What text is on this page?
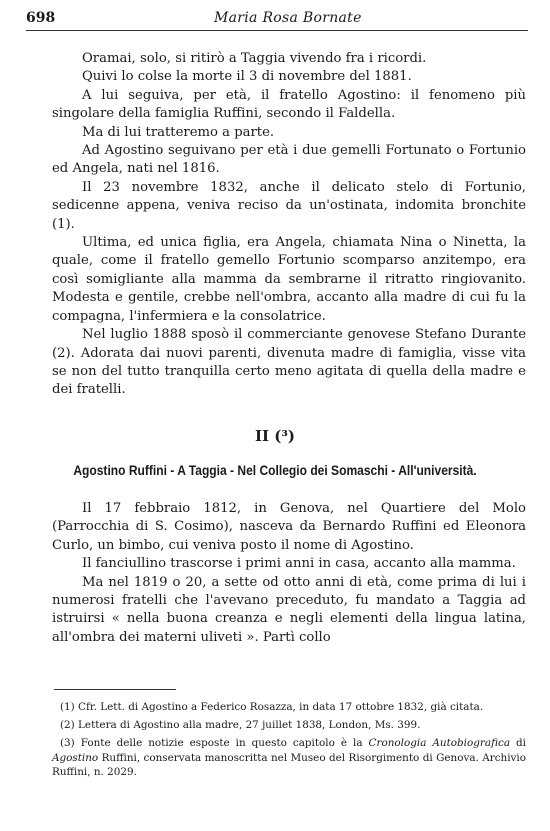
698	Maria Rosa Bornate

Oramai, solo, si ritirò a Taggia vivendo fra i ricordi.

Quivi lo colse la morte il 3 di novembre del 1881.

A lui seguiva, per età, il fratello Agostino: il fenomeno più singolare della famiglia Ruffini, secondo il Faldella.

Ma di lui tratteremo a parte.

Ad Agostino seguivano per età i due gemelli Fortunato o Fortunio ed Angela, nati nel 1816.

Il 23 novembre 1832, anche il delicato stelo di Fortunio, sedicenne appena, veniva reciso da un'ostinata, indomita bronchite (1).

Ultima, ed unica figlia, era Angela, chiamata Nina o Ninetta, la quale, come il fratello gemello Fortunio scomparso anzitempo, era così somigliante alla mamma da sembrarne il ritratto ringiovanito. Modesta e gentile, crebbe nell'ombra, accanto alla madre di cui fu la compagna, l'infermiera e la consolatrice.

Nel luglio 1888 sposò il commerciante genovese Stefano Durante (2). Adorata dai nuovi parenti, divenuta madre di famiglia, visse vita se non del tutto tranquilla certo meno agitata di quella della madre e dei fratelli.

II (³)
Agostino Ruffini - A Taggia - Nel Collegio dei Somaschi - All'università.

Il 17 febbraio 1812, in Genova, nel Quartiere del Molo (Parrocchia di S. Cosimo), nasceva da Bernardo Ruffini ed Eleonora Curlo, un bimbo, cui veniva posto il nome di Agostino.

Il fanciullino trascorse i primi anni in casa, accanto alla mamma.

Ma nel 1819 o 20, a sette od otto anni di età, come prima di lui i numerosi fratelli che l'avevano preceduto, fu mandato a Taggia ad istruirsi « nella buona creanza e negli elementi della lingua latina, all'ombra dei materni uliveti ». Partì collo

(1) Cfr. Lett. di Agostino a Federico Rosazza, in data 17 ottobre 1832, già citata.

(2) Lettera di Agostino alla madre, 27 juillet 1838, London, Ms. 399.

(3) Fonte delle notizie esposte in questo capitolo è la Cronologia Autobiografica di Agostino Ruffini, conservata manoscritta nel Museo del Risorgimento di Genova. Archivio Ruffini, n. 2029.
